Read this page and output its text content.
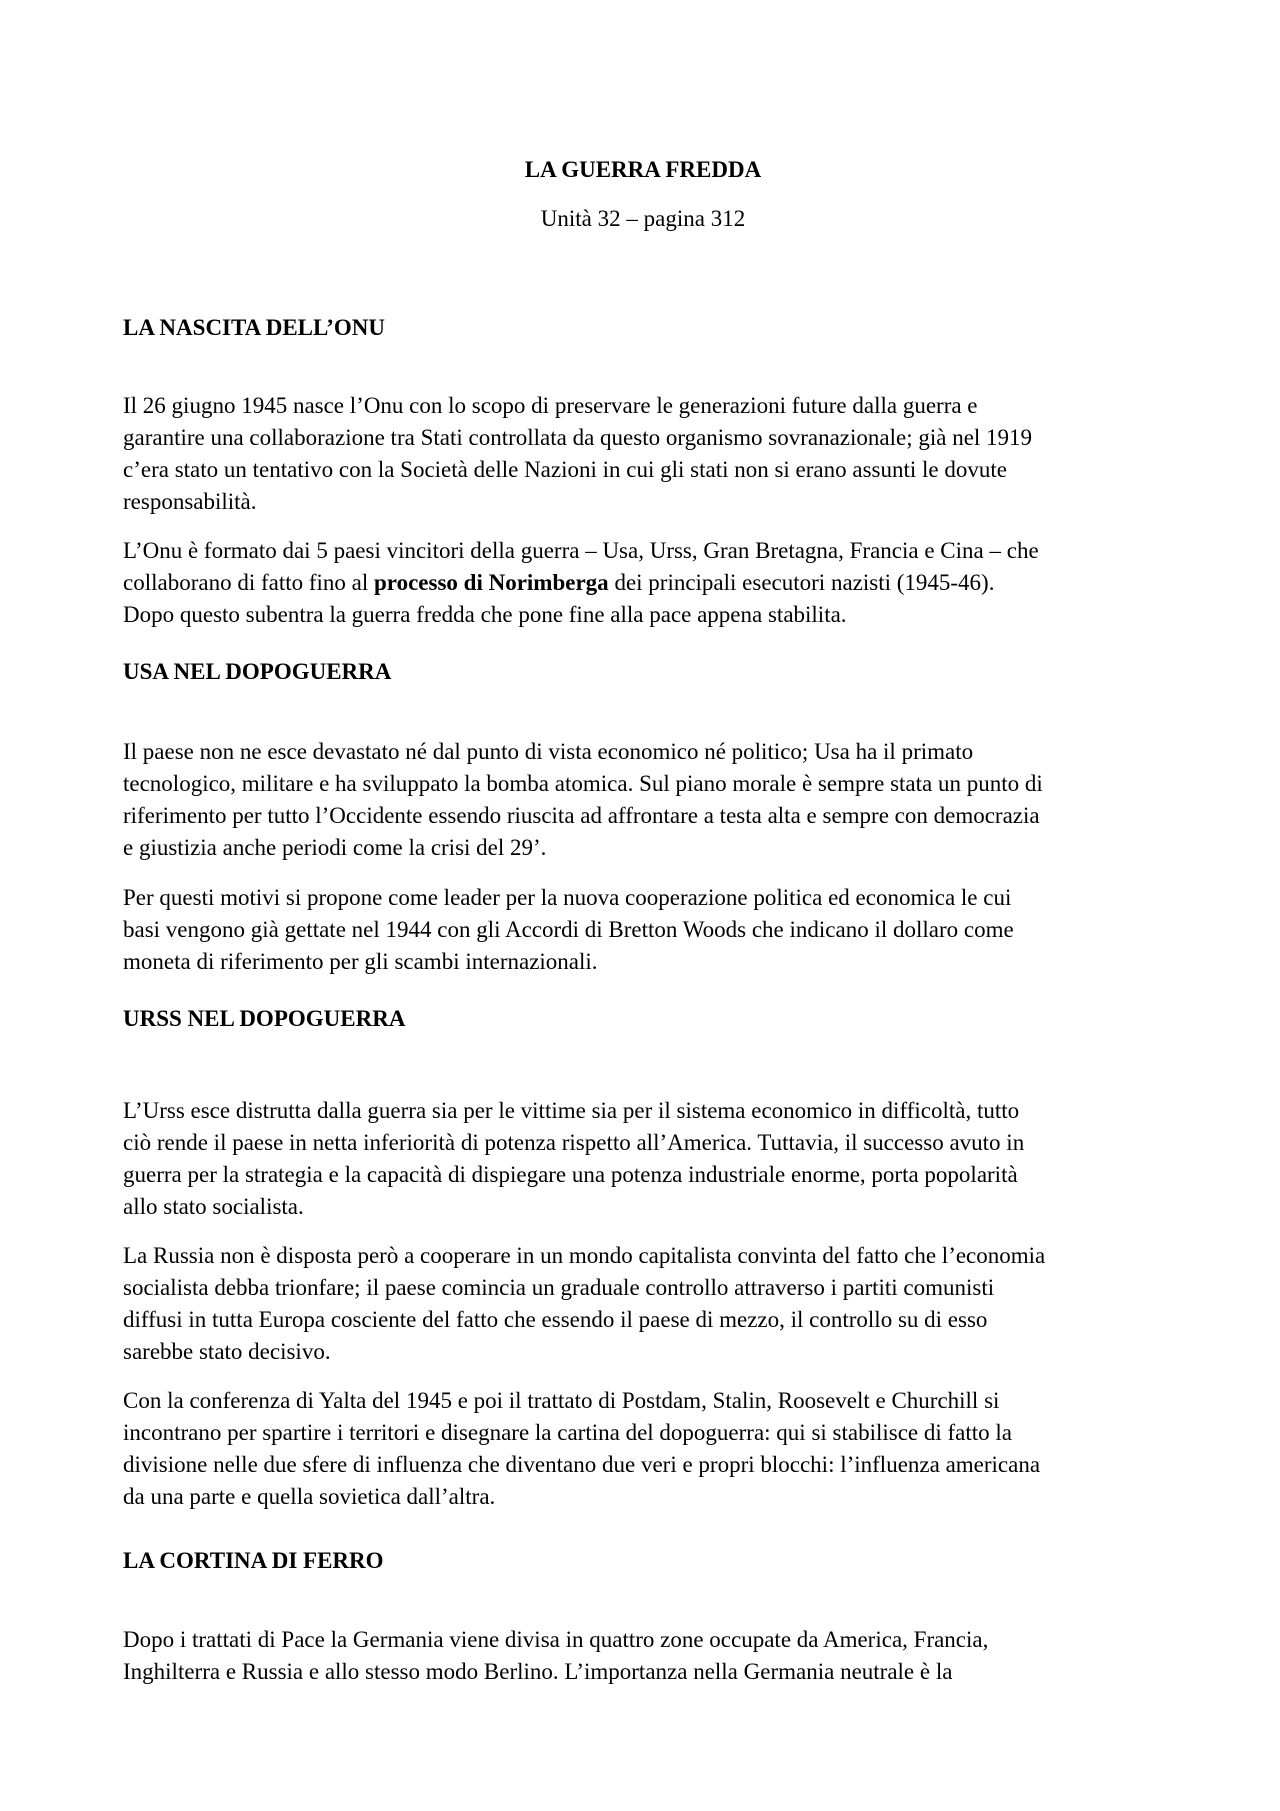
LA GUERRA FREDDA

Unità 32 – pagina 312

LA NASCITA DELL’ONU

Il 26 giugno 1945 nasce l’Onu con lo scopo di preservare le generazioni future dalla guerra e
garantire una collaborazione tra Stati controllata da questo organismo sovranazionale; già nel 1919
c’era stato un tentativo con la Società delle Nazioni in cui gli stati non si erano assunti le dovute
responsabilità.
L’Onu è formato dai 5 paesi vincitori della guerra – Usa, Urss, Gran Bretagna, Francia e Cina – che
collaborano di fatto fino al processo di Norimberga dei principali esecutori nazisti (1945-46).
Dopo questo subentra la guerra fredda che pone fine alla pace appena stabilita.

USA NEL DOPOGUERRA

Il paese non ne esce devastato né dal punto di vista economico né politico; Usa ha il primato
tecnologico, militare e ha sviluppato la bomba atomica. Sul piano morale è sempre stata un punto di
riferimento per tutto l’Occidente essendo riuscita ad affrontare a testa alta e sempre con democrazia
e giustizia anche periodi come la crisi del 29’.
Per questi motivi si propone come leader per la nuova cooperazione politica ed economica le cui
basi vengono già gettate nel 1944 con gli Accordi di Bretton Woods che indicano il dollaro come
moneta di riferimento per gli scambi internazionali.

URSS NEL DOPOGUERRA

L’Urss esce distrutta dalla guerra sia per le vittime sia per il sistema economico in difficoltà, tutto
ciò rende il paese in netta inferiorità di potenza rispetto all’America. Tuttavia, il successo avuto in
guerra per la strategia e la capacità di dispiegare una potenza industriale enorme, porta popolarità
allo stato socialista.
La Russia non è disposta però a cooperare in un mondo capitalista convinta del fatto che l’economia
socialista debba trionfare; il paese comincia un graduale controllo attraverso i partiti comunisti
diffusi in tutta Europa cosciente del fatto che essendo il paese di mezzo, il controllo su di esso
sarebbe stato decisivo.
Con la conferenza di Yalta del 1945 e poi il trattato di Postdam, Stalin, Roosevelt e Churchill si
incontrano per spartire i territori e disegnare la cartina del dopoguerra: qui si stabilisce di fatto la
divisione nelle due sfere di influenza che diventano due veri e propri blocchi: l’influenza americana
da una parte e quella sovietica dall’altra.

LA CORTINA DI FERRO

Dopo i trattati di Pace la Germania viene divisa in quattro zone occupate da America, Francia,
Inghilterra e Russia e allo stesso modo Berlino. L’importanza nella Germania neutrale è la
